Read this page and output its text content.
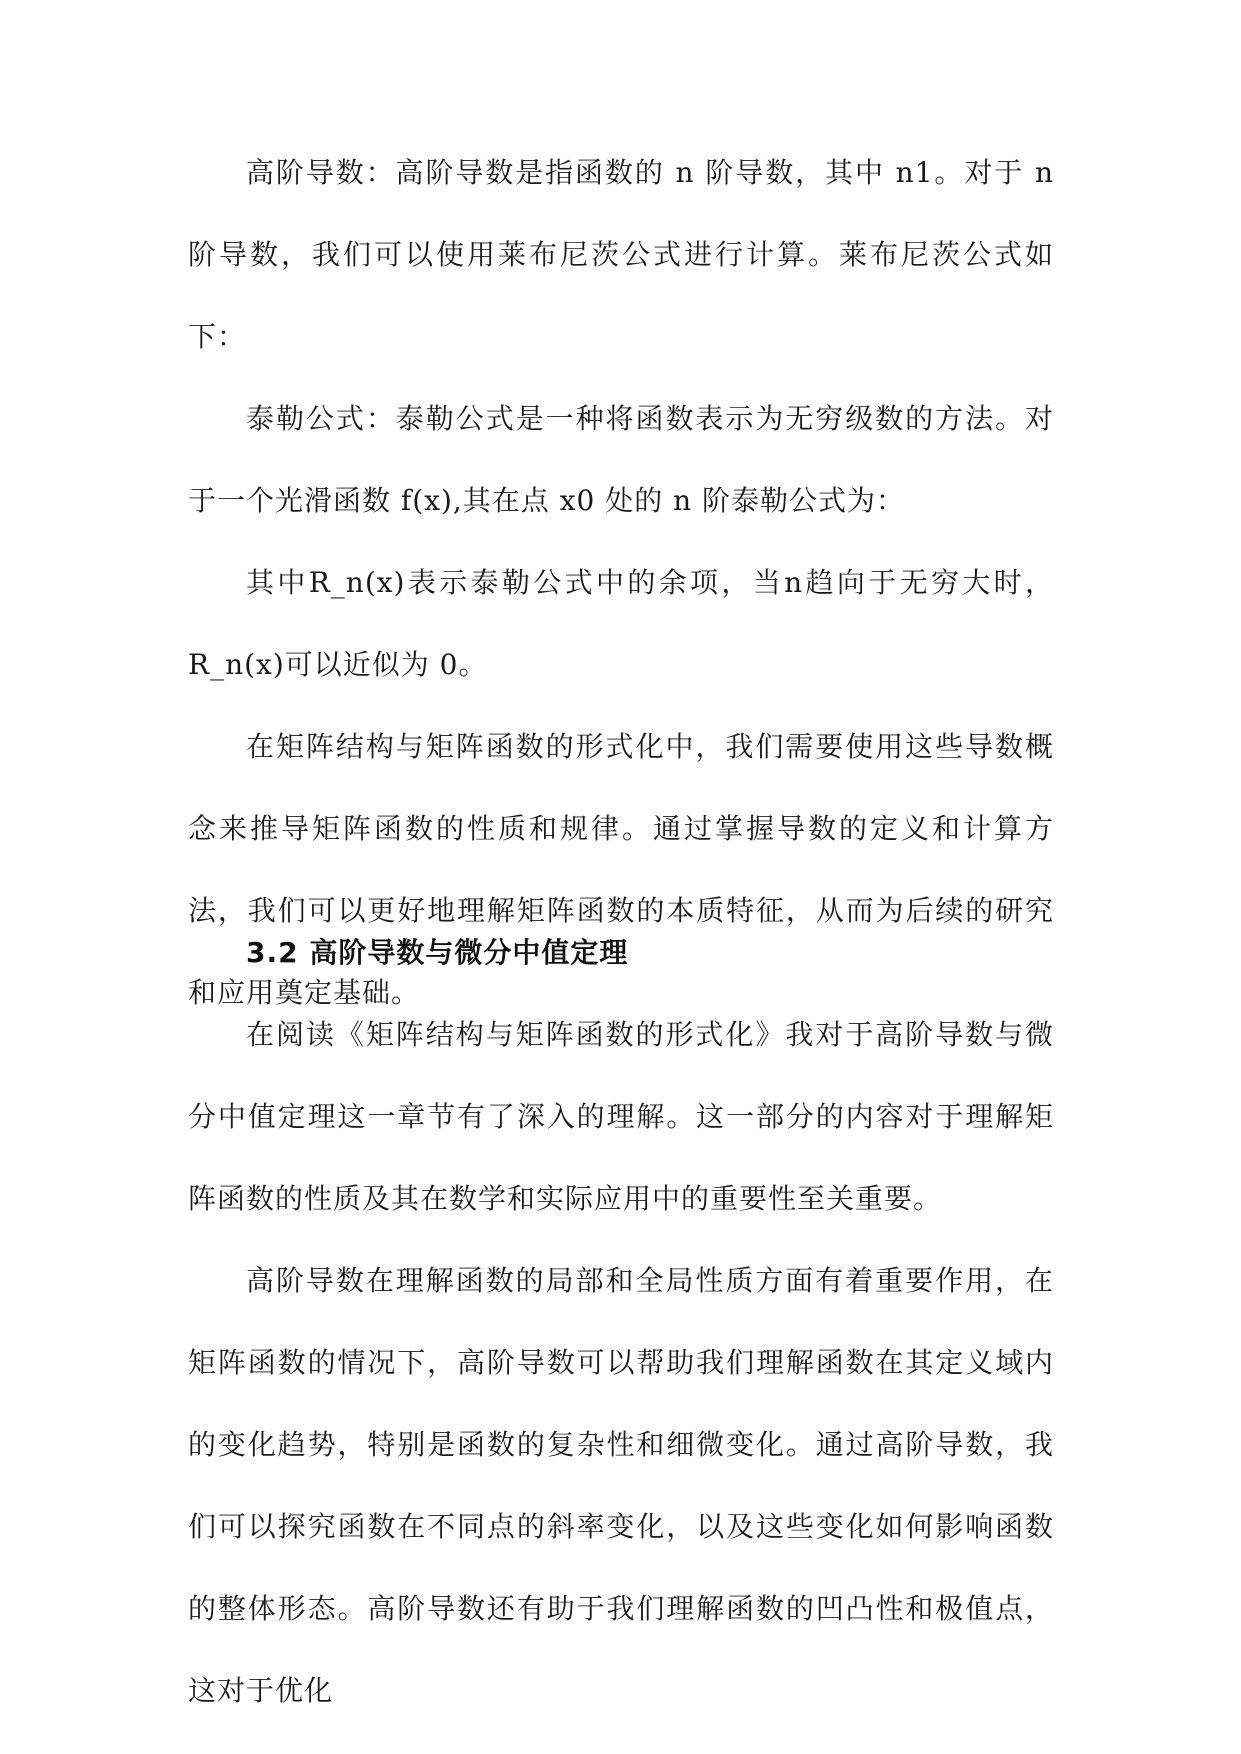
高阶导数：高阶导数是指函数的 n 阶导数，其中 n1。对于 n 阶导数，我们可以使用莱布尼茨公式进行计算。莱布尼茨公式如下：

泰勒公式：泰勒公式是一种将函数表示为无穷级数的方法。对于一个光滑函数 f(x),其在点 x0 处的 n 阶泰勒公式为：

其中R_n(x)表示泰勒公式中的余项，当n趋向于无穷大时，R_n(x)可以近似为 0。

在矩阵结构与矩阵函数的形式化中，我们需要使用这些导数概念来推导矩阵函数的性质和规律。通过掌握导数的定义和计算方法，我们可以更好地理解矩阵函数的本质特征，从而为后续的研究和应用奠定基础。

3.2 高阶导数与微分中值定理

在阅读《矩阵结构与矩阵函数的形式化》我对于高阶导数与微分中值定理这一章节有了深入的理解。这一部分的内容对于理解矩阵函数的性质及其在数学和实际应用中的重要性至关重要。

高阶导数在理解函数的局部和全局性质方面有着重要作用，在矩阵函数的情况下，高阶导数可以帮助我们理解函数在其定义域内的变化趋势，特别是函数的复杂性和细微变化。通过高阶导数，我们可以探究函数在不同点的斜率变化，以及这些变化如何影响函数的整体形态。高阶导数还有助于我们理解函数的凹凸性和极值点，这对于优化
